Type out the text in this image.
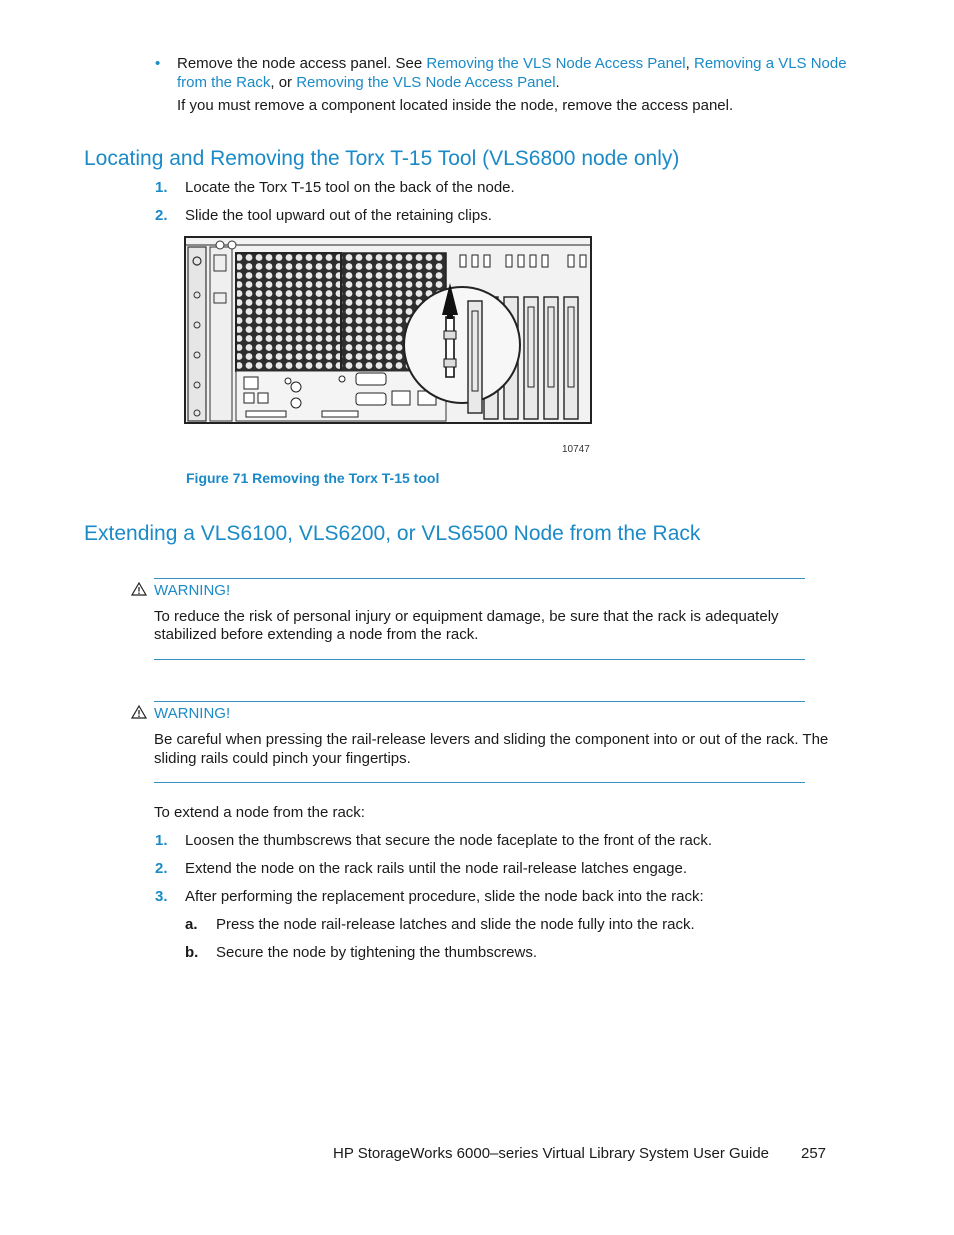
• Remove the node access panel. See Removing the VLS Node Access Panel, Removing a VLS Node
from the Rack, or Removing the VLS Node Access Panel.
If you must remove a component located inside the node, remove the access panel.
Locating and Removing the Torx T-15 Tool (VLS6800 node only)
1. Locate the Torx T-15 tool on the back of the node.
2. Slide the tool upward out of the retaining clips.
10747
Figure 71 Removing the Torx T-15 tool
Extending a VLS6100, VLS6200, or VLS6500 Node from the Rack
WARNING!
To reduce the risk of personal injury or equipment damage, be sure that the rack is adequately
stabilized before extending a node from the rack.
WARNING!
Be careful when pressing the rail-release levers and sliding the component into or out of the rack. The
sliding rails could pinch your fingertips.
To extend a node from the rack:
1. Loosen the thumbscrews that secure the node faceplate to the front of the rack.
2. Extend the node on the rack rails until the node rail-release latches engage.
3. After performing the replacement procedure, slide the node back into the rack:
a. Press the node rail-release latches and slide the node fully into the rack.
b. Secure the node by tightening the thumbscrews.
HP StorageWorks 6000–series Virtual Library System User Guide 257
